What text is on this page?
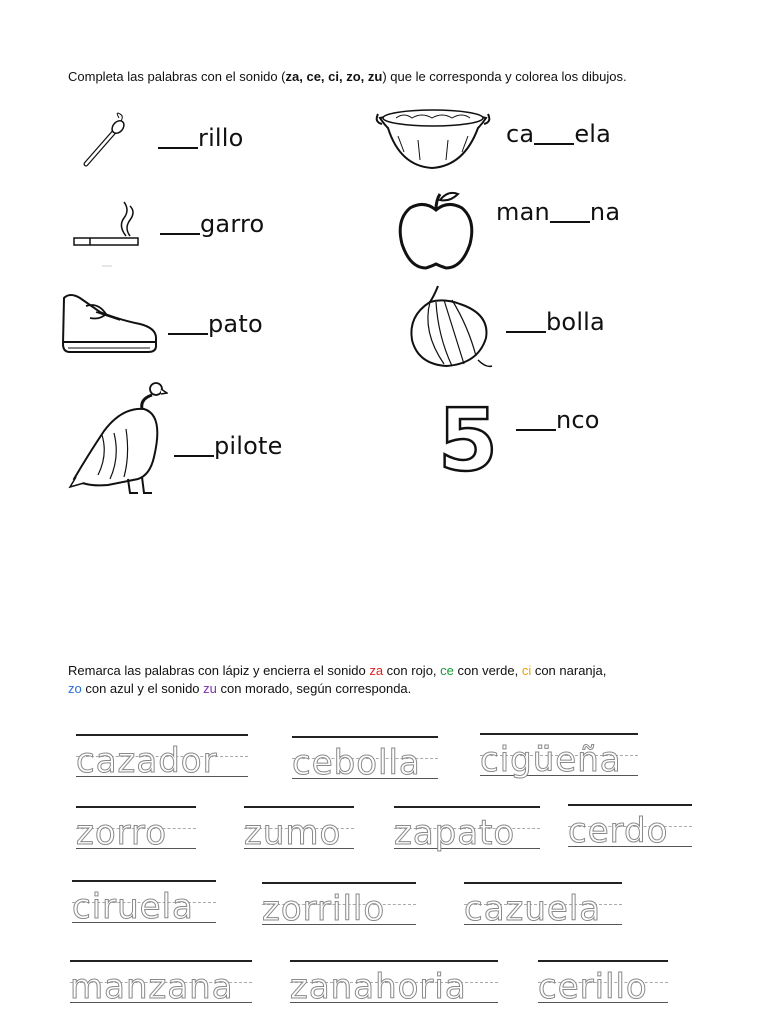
Completa las palabras con el sonido (za, ce, ci, zo, zu) que le corresponda y colorea los dibujos.
rillo
garro
pato
pilote 5
ca ela
man na
bolla
nco
Remarca las palabras con lápiz y encierra el sonido za con rojo, ce con verde, ci con naranja,
zo con azul y el sonido zu con morado, según corresponda.
cazador cebolla cigüeña
zorro zumo zapato cerdo
ciruela zorrillo cazuela
manzana zanahoria cerillo
